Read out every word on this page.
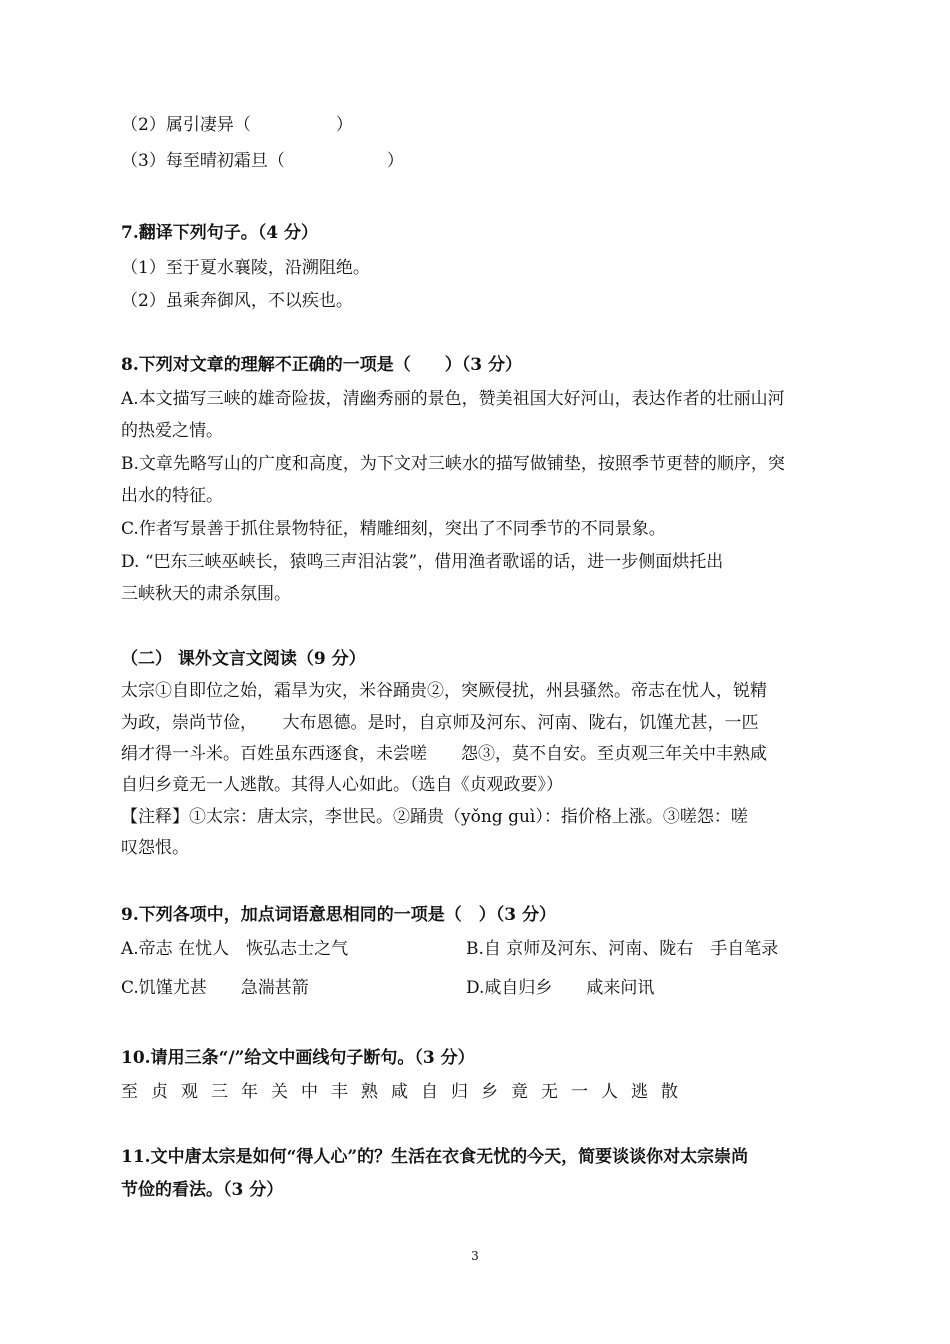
（2）属引凄异（　　　　　）
（3）每至晴初霜旦（　　　　　　）
7.翻译下列句子。（4 分）
（1）至于夏水襄陵，沿溯阻绝。
（2）虽乘奔御风，不以疾也。
8.下列对文章的理解不正确的一项是（　　）（3 分）
A.本文描写三峡的雄奇险拔，清幽秀丽的景色，赞美祖国大好河山，表达作者的壮丽山河
的热爱之情。
B.文章先略写山的广度和高度，为下文对三峡水的描写做铺垫，按照季节更替的顺序，突
出水的特征。
C.作者写景善于抓住景物特征，精雕细刻，突出了不同季节的不同景象。
D. “巴东三峡巫峡长，猿鸣三声泪沾裳”，借用渔者歌谣的话，进一步侧面烘托出
三峡秋天的肃杀氛围。
（二） 课外文言文阅读（9 分）
太宗①自即位之始，霜旱为灾，米谷踊贵②，突厥侵扰，州县骚然。帝志在忧人，锐精
为政，崇尚节俭，　　大布恩德。是时，自京师及河东、河南、陇右，饥馑尤甚，一匹
绢才得一斗米。百姓虽东西逐食，未尝嗟　　怨③，莫不自安。至贞观三年关中丰熟咸
自归乡竟无一人逃散。其得人心如此。（选自《贞观政要》）
【注释】①太宗：唐太宗，李世民。②踊贵（yǒng guì）：指价格上涨。③嗟怨：嗟
叹怨恨。
9.下列各项中，加点词语意思相同的一项是（　）（3 分）
A.帝志 在忧人　恢弘志士之气	B.自 京师及河东、河南、陇右　手自笔录
C.饥馑尤甚　　急湍甚箭	D.咸自归乡　　咸来问讯
10.请用三条“/”给文中画线句子断句。（3 分）
至贞观三年关中丰熟咸自归乡竟无一人逃散
11.文中唐太宗是如何“得人心”的？生活在衣食无忧的今天，简要谈谈你对太宗崇尚
节俭的看法。（3 分）
3
